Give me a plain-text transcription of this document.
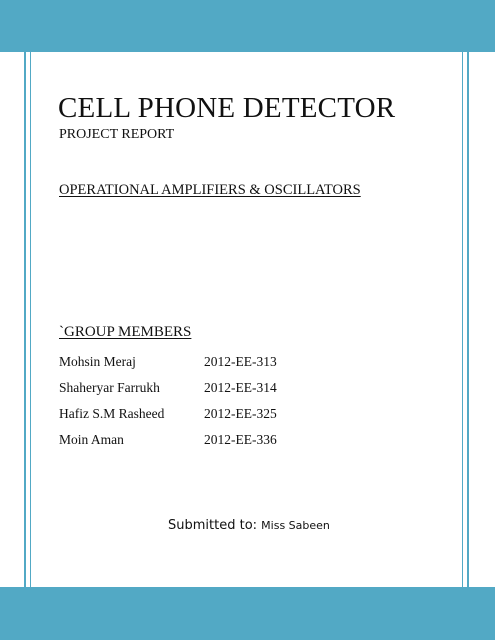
CELL PHONE DETECTOR
PROJECT REPORT
OPERATIONAL AMPLIFIERS & OSCILLATORS
`GROUP MEMBERS
Mohsin Meraj	2012-EE-313
Shaheryar Farrukh	2012-EE-314
Hafiz S.M Rasheed	2012-EE-325
Moin Aman	2012-EE-336
Submitted to: Miss Sabeen
